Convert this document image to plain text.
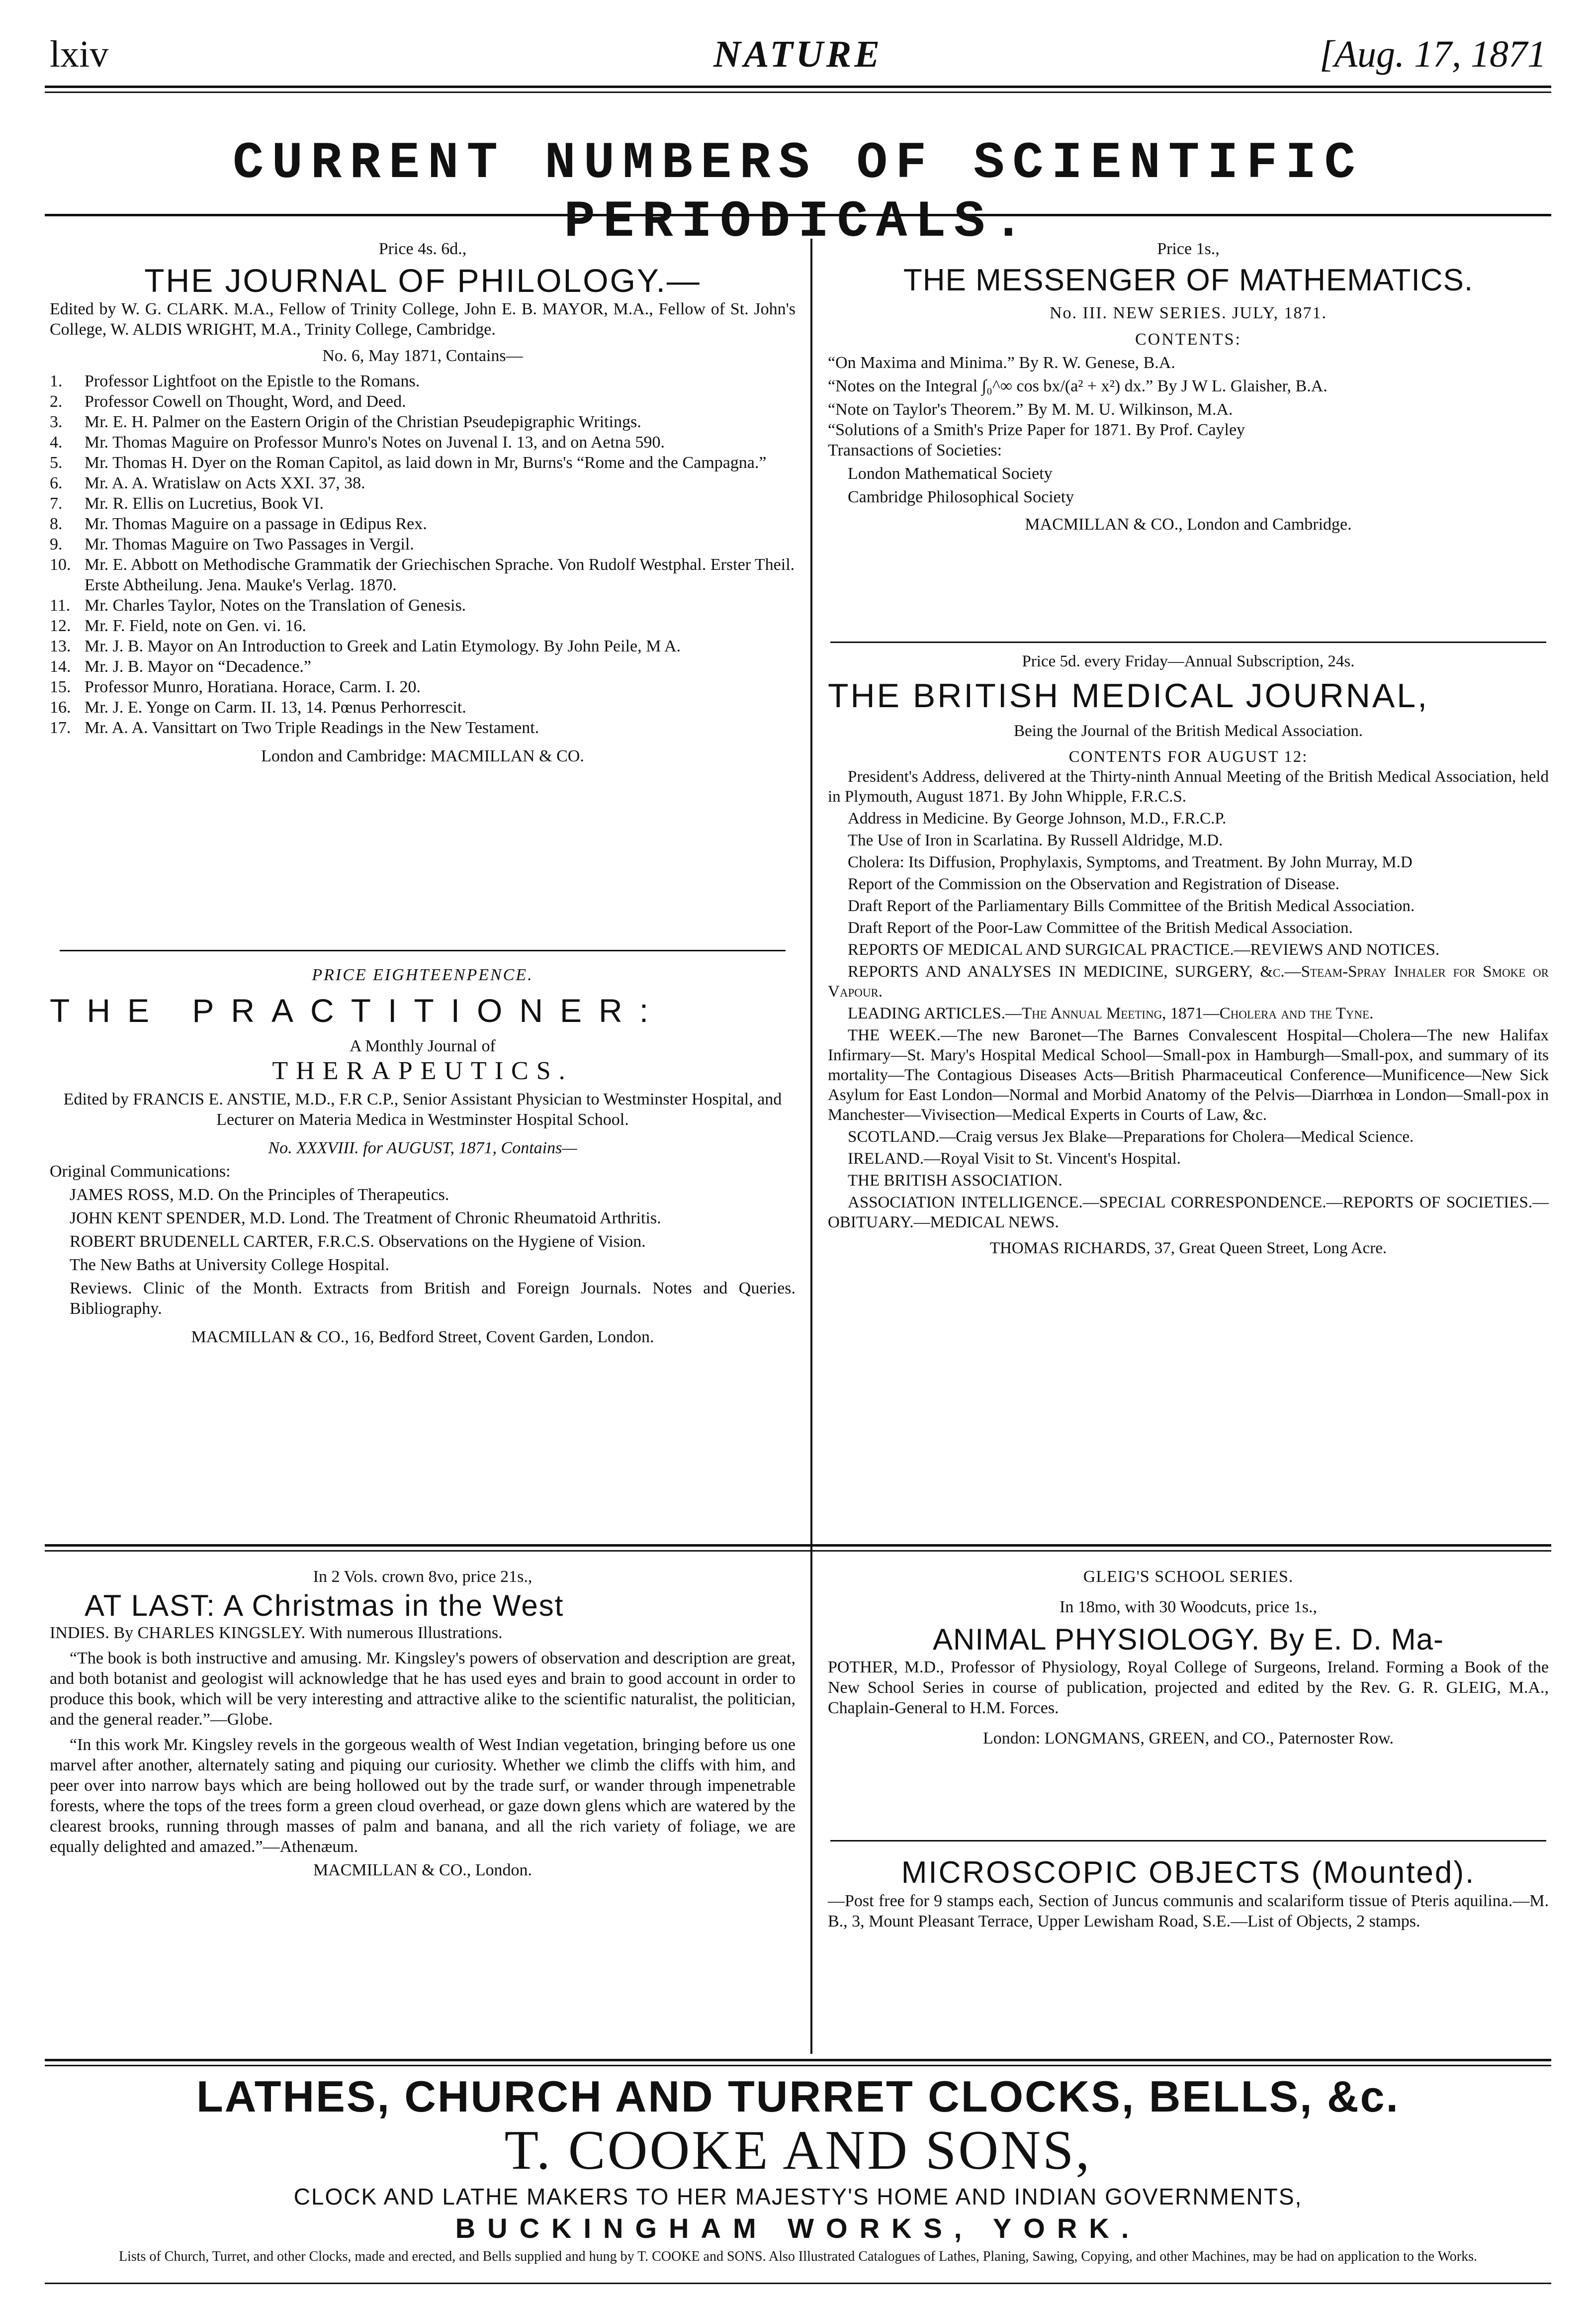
lxiv	NATURE	[Aug. 17, 1871
CURRENT NUMBERS OF SCIENTIFIC PERIODICALS.

Price 4s. 6d.,

THE JOURNAL OF PHILOLOGY.—

Edited by W. G. CLARK. M.A., Fellow of Trinity College, John E. B. MAYOR, M.A., Fellow of St. John's College, W. ALDIS WRIGHT, M.A., Trinity College, Cambridge.

No. 6, May 1871, Contains—

1. Professor Lightfoot on the Epistle to the Romans.
2. Professor Cowell on Thought, Word, and Deed.
3. Mr. E. H. Palmer on the Eastern Origin of the Christian Pseudepigraphic Writings.
4. Mr. Thomas Maguire on Professor Munro's Notes on Juvenal I. 13, and on Aetna 590.
5. Mr. Thomas H. Dyer on the Roman Capitol, as laid down in Mr, Burns's “Rome and the Campagna.”
6. Mr. A. A. Wratislaw on Acts XXI. 37, 38.
7. Mr. R. Ellis on Lucretius, Book VI.
8. Mr. Thomas Maguire on a passage in Œdipus Rex.
9. Mr. Thomas Maguire on Two Passages in Vergil.
10. Mr. E. Abbott on Methodische Grammatik der Griechischen Sprache. Von Rudolf Westphal. Erster Theil. Erste Abtheilung. Jena. Mauke's Verlag. 1870.
11. Mr. Charles Taylor, Notes on the Translation of Genesis.
12. Mr. F. Field, note on Gen. vi. 16.
13. Mr. J. B. Mayor on An Introduction to Greek and Latin Etymology. By John Peile, M A.
14. Mr. J. B. Mayor on “Decadence.”
15. Professor Munro, Horatiana. Horace, Carm. I. 20.
16. Mr. J. E. Yonge on Carm. II. 13, 14. Pœnus Perhorrescit.
17. Mr. A. A. Vansittart on Two Triple Readings in the New Testament.

London and Cambridge: MACMILLAN & CO.

PRICE EIGHTEENPENCE.

THE PRACTITIONER:

A Monthly Journal of

THERAPEUTICS.

Edited by FRANCIS E. ANSTIE, M.D., F.R C.P., Senior Assistant Physician to Westminster Hospital, and Lecturer on Materia Medica in Westminster Hospital School.

No. XXXVIII. for AUGUST, 1871, Contains—

Original Communications:

JAMES ROSS, M.D. On the Principles of Therapeutics.

JOHN KENT SPENDER, M.D. Lond. The Treatment of Chronic Rheumatoid Arthritis.

ROBERT BRUDENELL CARTER, F.R.C.S. Observations on the Hygiene of Vision.

The New Baths at University College Hospital.

Reviews. Clinic of the Month. Extracts from British and Foreign Journals. Notes and Queries. Bibliography.

MACMILLAN & CO., 16, Bedford Street, Covent Garden, London.

Price 1s.,

THE MESSENGER OF MATHEMATICS.

No. III. NEW SERIES. JULY, 1871.

CONTENTS:

“On Maxima and Minima.” By R. W. Genese, B.A.

“Notes on the Integral ∫₀^∞ cos bx/(a² + x²) dx.” By J W L. Glaisher, B.A.

“Note on Taylor's Theorem.” By M. M. U. Wilkinson, M.A.

“Solutions of a Smith's Prize Paper for 1871. By Prof. Cayley

Transactions of Societies:

London Mathematical Society

Cambridge Philosophical Society

MACMILLAN & CO., London and Cambridge.

Price 5d. every Friday—Annual Subscription, 24s.

THE BRITISH MEDICAL JOURNAL,

Being the Journal of the British Medical Association.

CONTENTS FOR AUGUST 12:

President's Address, delivered at the Thirty-ninth Annual Meeting of the British Medical Association, held in Plymouth, August 1871. By John Whipple, F.R.C.S.

Address in Medicine. By George Johnson, M.D., F.R.C.P.

The Use of Iron in Scarlatina. By Russell Aldridge, M.D.

Cholera: Its Diffusion, Prophylaxis, Symptoms, and Treatment. By John Murray, M.D

Report of the Commission on the Observation and Registration of Disease.

Draft Report of the Parliamentary Bills Committee of the British Medical Association.

Draft Report of the Poor-Law Committee of the British Medical Association.

REPORTS OF MEDICAL AND SURGICAL PRACTICE.—REVIEWS AND NOTICES.

REPORTS AND ANALYSES IN MEDICINE, SURGERY, &c.—Steam-Spray Inhaler for Smoke or Vapour.

LEADING ARTICLES.—The Annual Meeting, 1871—Cholera and the Tyne.

THE WEEK.—The new Baronet—The Barnes Convalescent Hospital—Cholera—The new Halifax Infirmary—St. Mary's Hospital Medical School—Small-pox in Hamburgh—Small-pox, and summary of its mortality—The Contagious Diseases Acts—British Pharmaceutical Conference—Munificence—New Sick Asylum for East London—Normal and Morbid Anatomy of the Pelvis—Diarrhœa in London—Small-pox in Manchester—Vivisection—Medical Experts in Courts of Law, &c.

SCOTLAND.—Craig versus Jex Blake—Preparations for Cholera—Medical Science.

IRELAND.—Royal Visit to St. Vincent's Hospital.

THE BRITISH ASSOCIATION.

ASSOCIATION INTELLIGENCE.—SPECIAL CORRESPONDENCE.—REPORTS OF SOCIETIES.—OBITUARY.—MEDICAL NEWS.

THOMAS RICHARDS, 37, Great Queen Street, Long Acre.

In 2 Vols. crown 8vo, price 21s.,

AT LAST: A Christmas in the West

INDIES. By CHARLES KINGSLEY. With numerous Illustrations.

“The book is both instructive and amusing. Mr. Kingsley's powers of observation and description are great, and both botanist and geologist will acknowledge that he has used eyes and brain to good account in order to produce this book, which will be very interesting and attractive alike to the scientific naturalist, the politician, and the general reader.”—Globe.

“In this work Mr. Kingsley revels in the gorgeous wealth of West Indian vegetation, bringing before us one marvel after another, alternately sating and piquing our curiosity. Whether we climb the cliffs with him, and peer over into narrow bays which are being hollowed out by the trade surf, or wander through impenetrable forests, where the tops of the trees form a green cloud overhead, or gaze down glens which are watered by the clearest brooks, running through masses of palm and banana, and all the rich variety of foliage, we are equally delighted and amazed.”—Athenæum.

MACMILLAN & CO., London.

GLEIG'S SCHOOL SERIES.

In 18mo, with 30 Woodcuts, price 1s.,

ANIMAL PHYSIOLOGY. By E. D. Ma-

POTHER, M.D., Professor of Physiology, Royal College of Surgeons, Ireland. Forming a Book of the New School Series in course of publication, projected and edited by the Rev. G. R. GLEIG, M.A., Chaplain-General to H.M. Forces.

London: LONGMANS, GREEN, and CO., Paternoster Row.

MICROSCOPIC OBJECTS (Mounted).

—Post free for 9 stamps each, Section of Juncus communis and scalariform tissue of Pteris aquilina.—M. B., 3, Mount Pleasant Terrace, Upper Lewisham Road, S.E.—List of Objects, 2 stamps.

LATHES, CHURCH AND TURRET CLOCKS, BELLS, &c.
T. COOKE AND SONS,
CLOCK AND LATHE MAKERS TO HER MAJESTY'S HOME AND INDIAN GOVERNMENTS,
BUCKINGHAM WORKS, YORK.
Lists of Church, Turret, and other Clocks, made and erected, and Bells supplied and hung by T. COOKE and SONS. Also Illustrated Catalogues of Lathes, Planing, Sawing, Copying, and other Machines, may be had on application to the Works.
